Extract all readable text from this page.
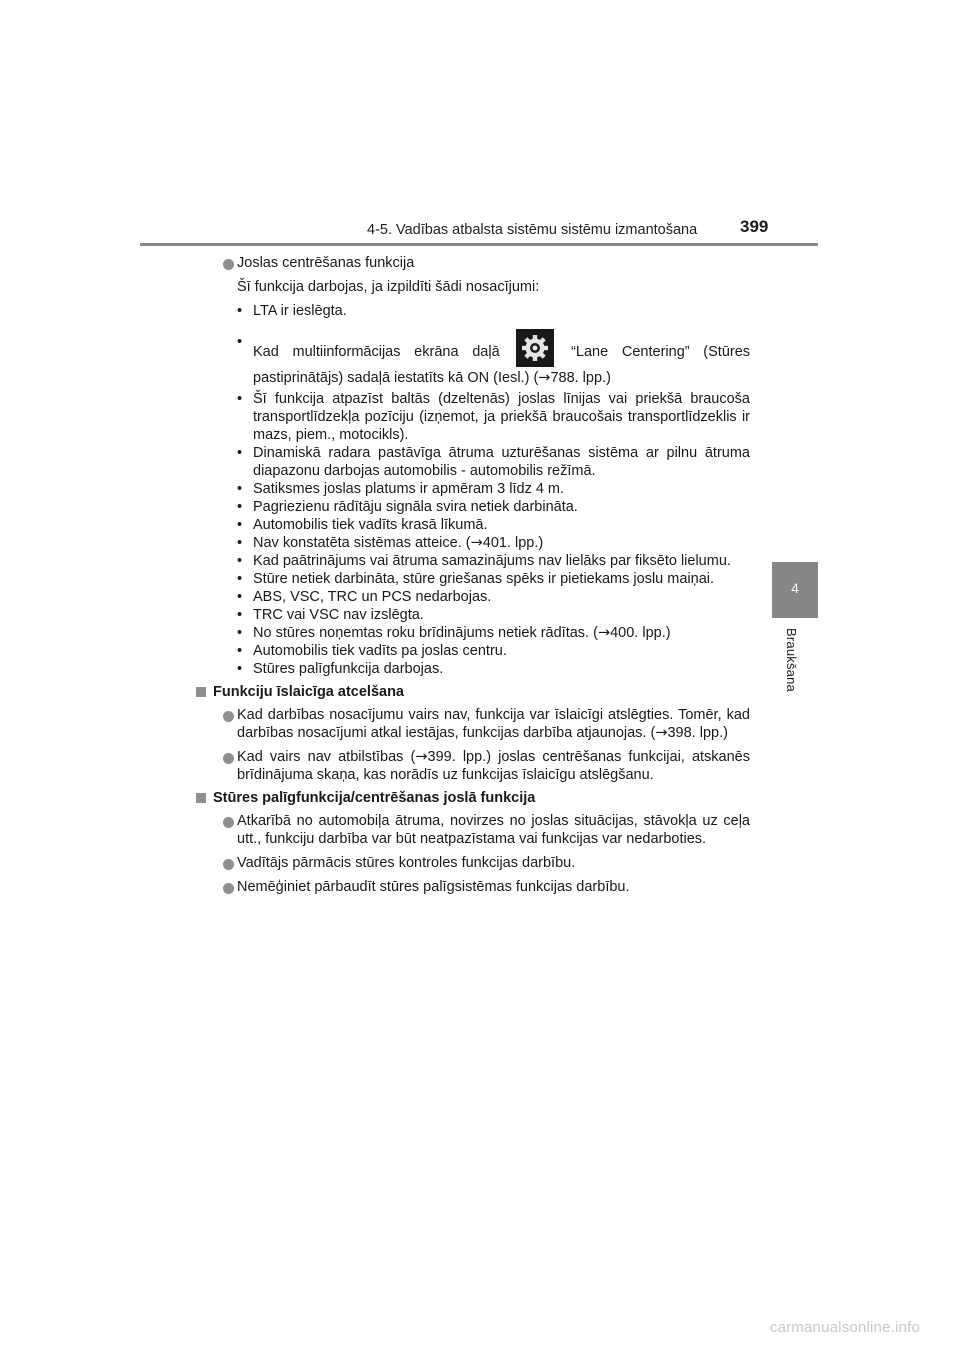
4-5. Vadības atbalsta sistēmu sistēmu izmantošana	399
4
Braukšana

Joslas centrēšanas funkcija

Šī funkcija darbojas, ja izpildīti šādi nosacījumi:

• LTA ir ieslēgta.

•
Kad multiinformācijas ekrāna daļā	“Lane Centering” (Stūres pastiprinātājs) sadaļā iestatīts kā ON (Iesl.) (→788. lpp.)

• Šī funkcija atpazīst baltās (dzeltenās) joslas līnijas vai priekšā braucoša transportlīdzekļa pozīciju (izņemot, ja priekšā braucošais transportlīdzeklis ir mazs, piem., motocikls).

• Dinamiskā radara pastāvīga ātruma uzturēšanas sistēma ar pilnu ātruma diapazonu darbojas automobilis - automobilis režīmā.

• Satiksmes joslas platums ir apmēram 3 līdz 4 m.

• Pagriezienu rādītāju signāla svira netiek darbināta.

• Automobilis tiek vadīts krasā līkumā.

• Nav konstatēta sistēmas atteice. (→401. lpp.)

• Kad paātrinājums vai ātruma samazinājums nav lielāks par fiksēto lielumu.

• Stūre netiek darbināta, stūre griešanas spēks ir pietiekams joslu maiņai.

• ABS, VSC, TRC un PCS nedarbojas.

• TRC vai VSC nav izslēgta.

• No stūres noņemtas roku brīdinājums netiek rādītas. (→400. lpp.)

• Automobilis tiek vadīts pa joslas centru.

• Stūres palīgfunkcija darbojas.

Funkciju īslaicīga atcelšana

Kad darbības nosacījumu vairs nav, funkcija var īslaicīgi atslēgties. Tomēr, kad darbības nosacījumi atkal iestājas, funkcijas darbība atjaunojas. (→398. lpp.)

Kad vairs nav atbilstības (→399. lpp.) joslas centrēšanas funkcijai, atskanēs brīdinājuma skaņa, kas norādīs uz funkcijas īslaicīgu atslēgšanu.

Stūres palīgfunkcija/centrēšanas joslā funkcija

Atkarībā no automobiļa ātruma, novirzes no joslas situācijas, stāvokļa uz ceļa utt., funkciju darbība var būt neatpazīstama vai funkcijas var nedarboties.

Vadītājs pārmācis stūres kontroles funkcijas darbību.

Nemēģiniet pārbaudīt stūres palīgsistēmas funkcijas darbību.

carmanualsonline.info
